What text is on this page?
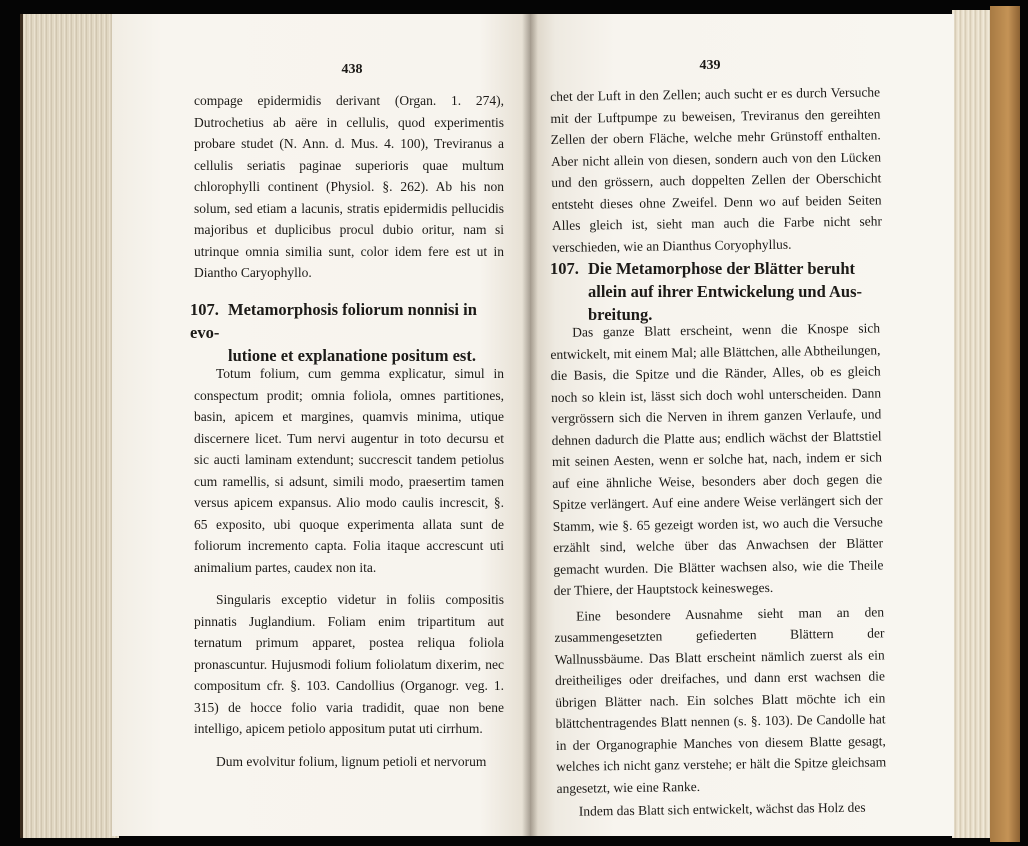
438

compage epidermidis derivant (Organ. 1. 274), Dutrochetius ab aëre in cellulis, quod experimentis probare studet (N. Ann. d. Mus. 4. 100), Treviranus a cellulis seriatis paginae superioris quae multum chlorophylli continent (Physiol. §. 262). Ab his non solum, sed etiam a lacunis, stratis epidermidis pellucidis majoribus et duplicibus procul dubio oritur, nam si utrinque omnia similia sunt, color idem fere est ut in Diantho Caryophyllo.

107. Metamorphosis foliorum nonnisi in evo-
lutione et explanatione positum est.

Totum folium, cum gemma explicatur, simul in conspectum prodit; omnia foliola, omnes partitiones, basin, apicem et margines, quamvis minima, utique discernere licet. Tum nervi augentur in toto decursu et sic aucti laminam extendunt; succrescit tandem petiolus cum ramellis, si adsunt, simili modo, praesertim tamen versus apicem expansus. Alio modo caulis increscit, §. 65 exposito, ubi quoque experimenta allata sunt de foliorum incremento capta. Folia itaque accrescunt uti animalium partes, caudex non ita.

Singularis exceptio videtur in foliis compositis pinnatis Juglandium. Foliam enim tripartitum aut ternatum primum apparet, postea reliqua foliola pronascuntur. Hujusmodi folium foliolatum dixerim, nec compositum cfr. §. 103. Candollius (Organogr. veg. 1. 315) de hocce folio varia tradidit, quae non bene intelligo, apicem petiolo appositum putat uti cirrhum.

Dum evolvitur folium, lignum petioli et nervorum

439

chet der Luft in den Zellen; auch sucht er es durch Versuche mit der Luftpumpe zu beweisen, Treviranus den gereihten Zellen der obern Fläche, welche mehr Grünstoff enthalten. Aber nicht allein von diesen, sondern auch von den Lücken und den grössern, auch doppelten Zellen der Oberschicht entsteht dieses ohne Zweifel. Denn wo auf beiden Seiten Alles gleich ist, sieht man auch die Farbe nicht sehr verschieden, wie an Dianthus Coryophyllus.

107. Die Metamorphose der Blätter beruht
allein auf ihrer Entwickelung und Aus-
breitung.

Das ganze Blatt erscheint, wenn die Knospe sich entwickelt, mit einem Mal; alle Blättchen, alle Abtheilungen, die Basis, die Spitze und die Ränder, Alles, ob es gleich noch so klein ist, lässt sich doch wohl unterscheiden. Dann vergrössern sich die Nerven in ihrem ganzen Verlaufe, und dehnen dadurch die Platte aus; endlich wächst der Blattstiel mit seinen Aesten, wenn er solche hat, nach, indem er sich auf eine ähnliche Weise, besonders aber doch gegen die Spitze verlängert. Auf eine andere Weise verlängert sich der Stamm, wie §. 65 gezeigt worden ist, wo auch die Versuche erzählt sind, welche über das Anwachsen der Blätter gemacht wurden. Die Blätter wachsen also, wie die Theile der Thiere, der Hauptstock keinesweges.

Eine besondere Ausnahme sieht man an den zusammengesetzten gefiederten Blättern der Wallnussbäume. Das Blatt erscheint nämlich zuerst als ein dreitheiliges oder dreifaches, und dann erst wachsen die übrigen Blätter nach. Ein solches Blatt möchte ich ein blättchentragendes Blatt nennen (s. §. 103). De Candolle hat in der Organographie Manches von diesem Blatte gesagt, welches ich nicht ganz verstehe; er hält die Spitze gleichsam angesetzt, wie eine Ranke.

Indem das Blatt sich entwickelt, wächst das Holz des
